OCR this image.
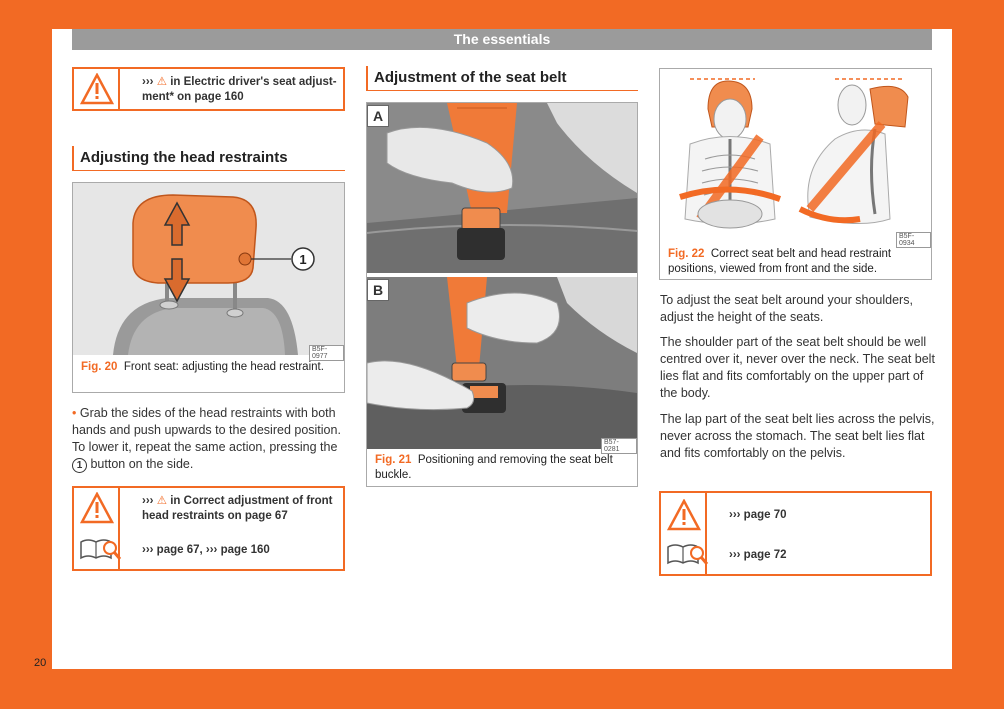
The essentials
20
››› ⚠ in Electric driver's seat adjustment* on page 160
Adjusting the head restraints
1
B5F-0977
Fig. 20 Front seat: adjusting the head restraint.
• Grab the sides of the head restraints with both hands and push upwards to the desired position. To lower it, repeat the same action, pressing the 1 button on the side.
››› ⚠ in Correct adjustment of front head restraints on page 67
››› page 67, ››› page 160
Adjustment of the seat belt
A
B
B57-0281
Fig. 21 Positioning and removing the seat belt buckle.
B5F-0934
Fig. 22 Correct seat belt and head restraint positions, viewed from front and the side.
To adjust the seat belt around your shoulders, adjust the height of the seats.
The shoulder part of the seat belt should be well centred over it, never over the neck. The seat belt lies flat and fits comfortably on the upper part of the body.
The lap part of the seat belt lies across the pelvis, never across the stomach. The seat belt lies flat and fits comfortably on the pelvis.
››› page 70
››› page 72
